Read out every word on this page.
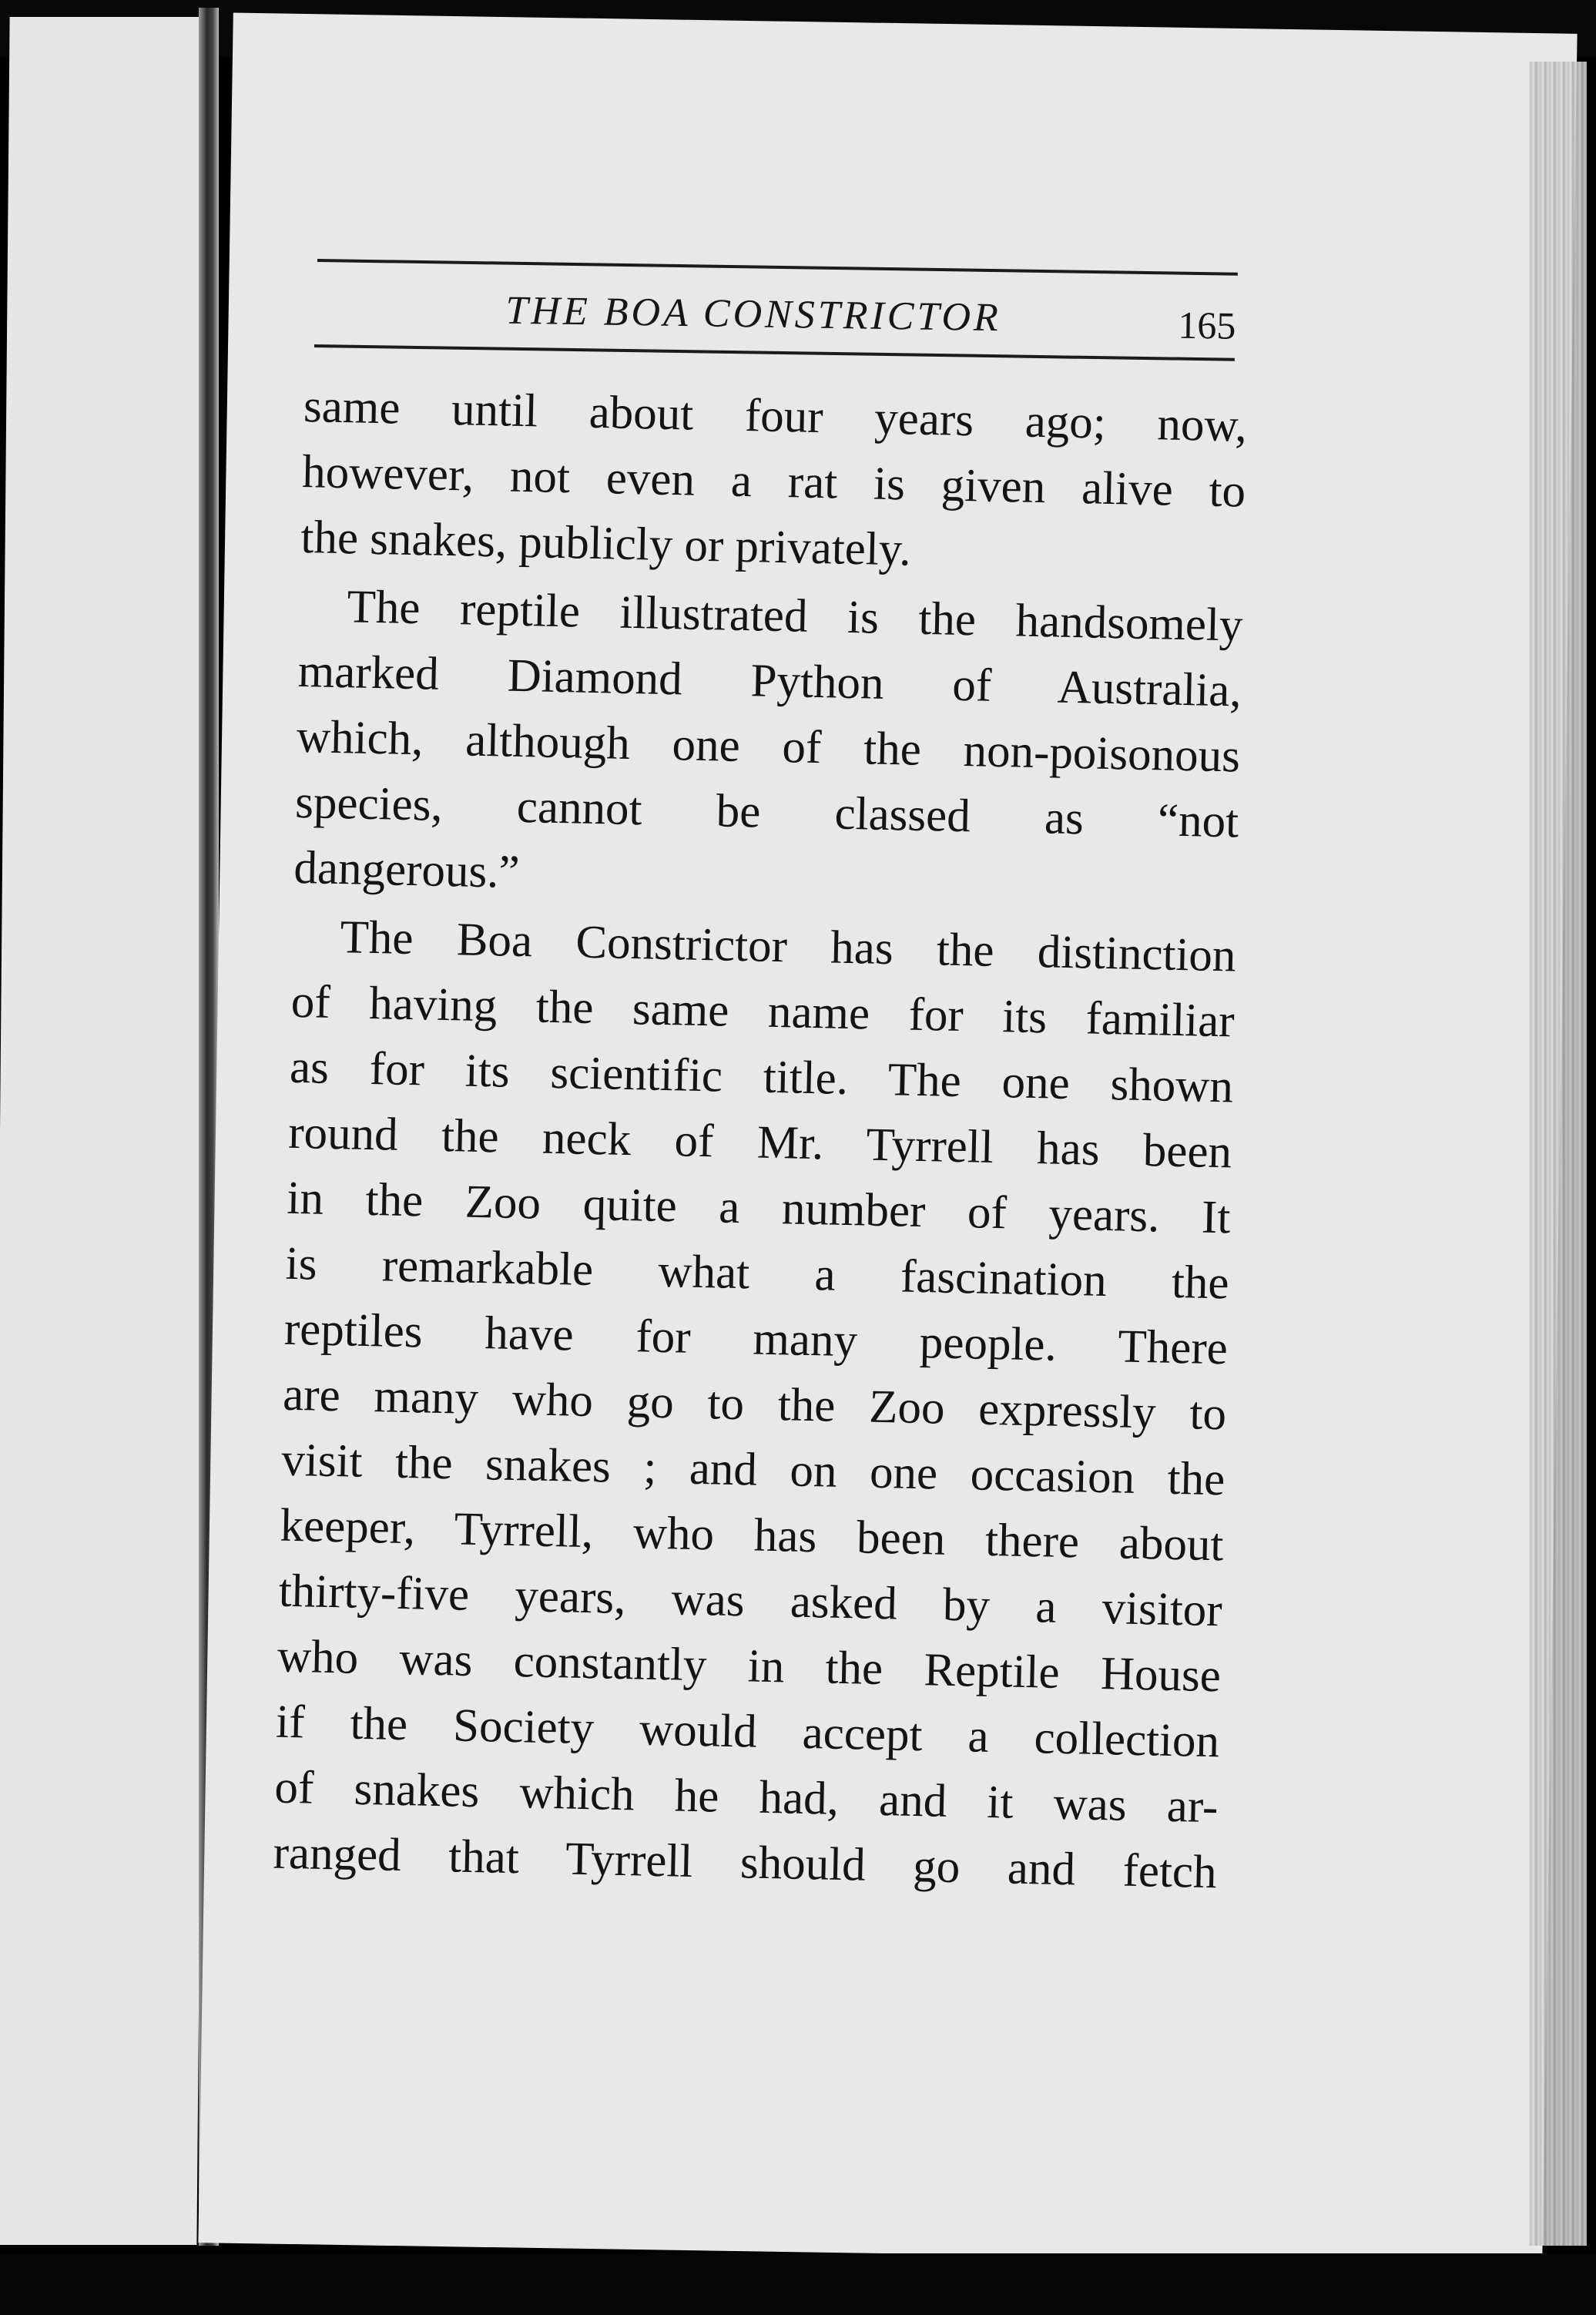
THE BOA CONSTRICTOR	165
same until about four years ago; now,
however, not even a rat is given alive to
the snakes, publicly or privately.
The reptile illustrated is the handsomely
marked Diamond Python of Australia,
which, although one of the non-poisonous
species, cannot be classed as “not
dangerous.”
The Boa Constrictor has the distinction
of having the same name for its familiar
as for its scientific title. The one shown
round the neck of Mr. Tyrrell has been
in the Zoo quite a number of years. It
is remarkable what a fascination the
reptiles have for many people. There
are many who go to the Zoo expressly to
visit the snakes ; and on one occasion the
keeper, Tyrrell, who has been there about
thirty-five years, was asked by a visitor
who was constantly in the Reptile House
if the Society would accept a collection
of snakes which he had, and it was ar-
ranged that Tyrrell should go and fetch
